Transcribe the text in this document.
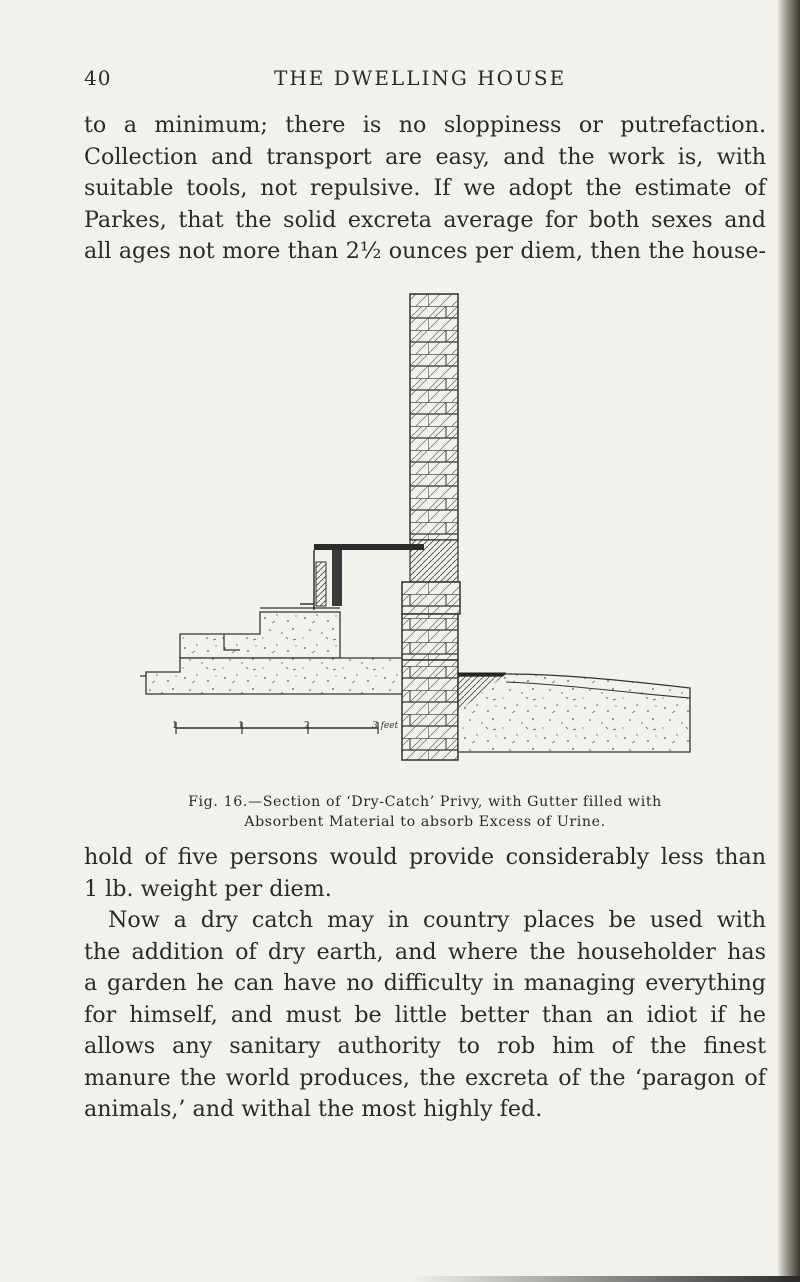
40	THE DWELLING HOUSE

to a minimum; there is no sloppiness or putrefaction.
Collection and transport are easy, and the work is, with
suitable tools, not repulsive. If we adopt the estimate of
Parkes, that the solid excreta average for both sexes and
all ages not more than 2½ ounces per diem, then the house-

1	1	2	3 feet
Fig. 16.—Section of ‘Dry-Catch’ Privy, with Gutter filled with
Absorbent Material to absorb Excess of Urine.

hold of five persons would provide considerably less than
1 lb. weight per diem.
Now a dry catch may in country places be used with
the addition of dry earth, and where the householder has
a garden he can have no difficulty in managing everything
for himself, and must be little better than an idiot if he
allows any sanitary authority to rob him of the finest
manure the world produces, the excreta of the ‘paragon of
animals,’ and withal the most highly fed.
